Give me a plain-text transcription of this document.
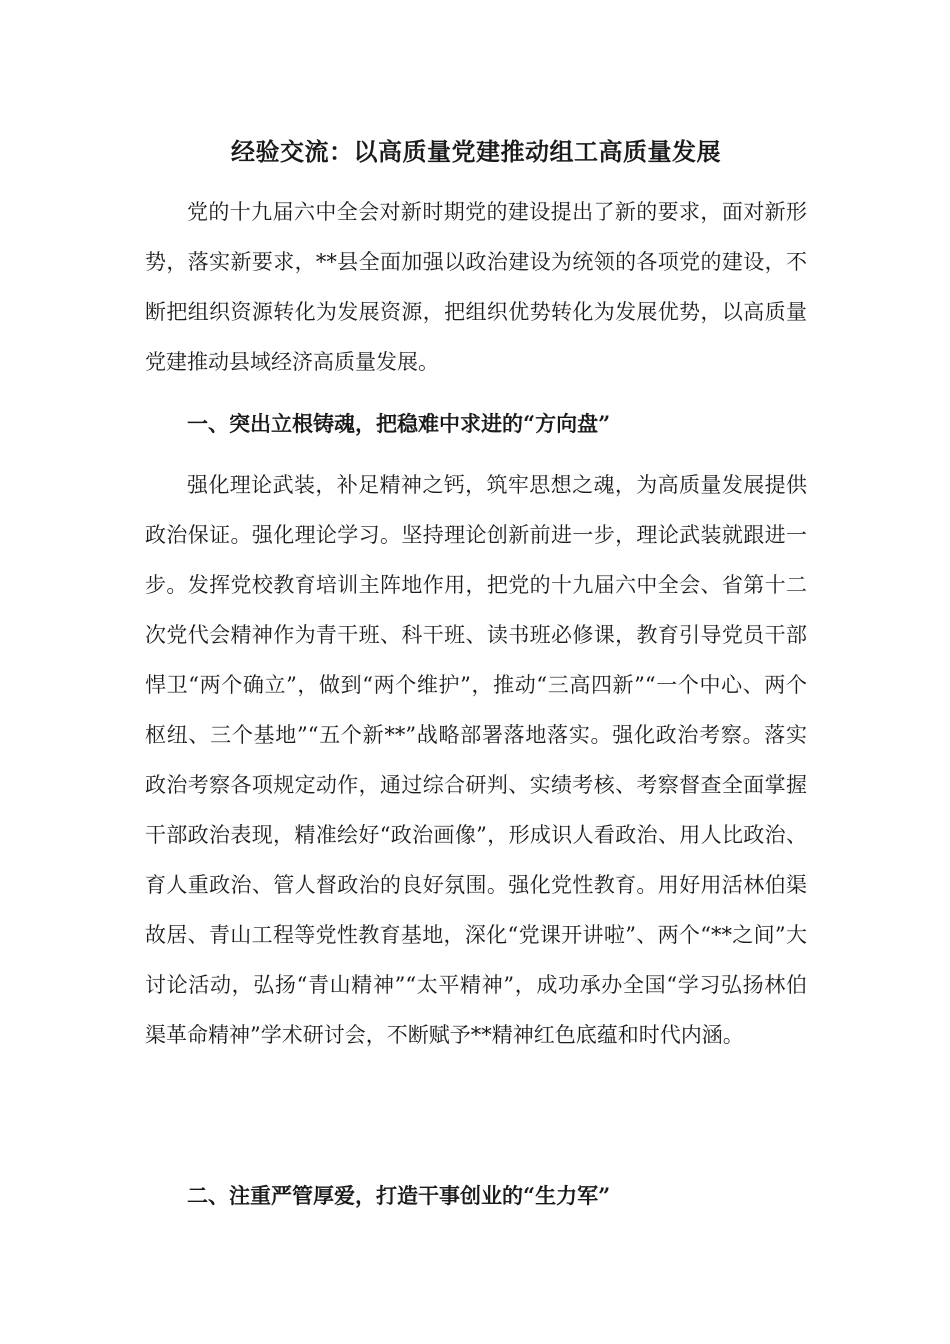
经验交流：以高质量党建推动组工高质量发展

党的十九届六中全会对新时期党的建设提出了新的要求，面对新形势，落实新要求，**县全面加强以政治建设为统领的各项党的建设，不断把组织资源转化为发展资源，把组织优势转化为发展优势，以高质量党建推动县域经济高质量发展。

一、突出立根铸魂，把稳难中求进的“方向盘”

强化理论武装，补足精神之钙，筑牢思想之魂，为高质量发展提供政治保证。强化理论学习。坚持理论创新前进一步，理论武装就跟进一步。发挥党校教育培训主阵地作用，把党的十九届六中全会、省第十二次党代会精神作为青干班、科干班、读书班必修课，教育引导党员干部悍卫“两个确立”，做到“两个维护”，推动“三高四新”“一个中心、两个枢纽、三个基地”“五个新**”战略部署落地落实。强化政治考察。落实政治考察各项规定动作，通过综合研判、实绩考核、考察督查全面掌握干部政治表现，精准绘好“政治画像”，形成识人看政治、用人比政治、育人重政治、管人督政治的良好氛围。强化党性教育。用好用活林伯渠故居、青山工程等党性教育基地，深化“党课开讲啦”、两个“**之间”大讨论活动，弘扬“青山精神”“太平精神”，成功承办全国“学习弘扬林伯渠革命精神”学术研讨会，不断赋予**精神红色底蕴和时代内涵。

二、注重严管厚爱，打造干事创业的“生力军”
